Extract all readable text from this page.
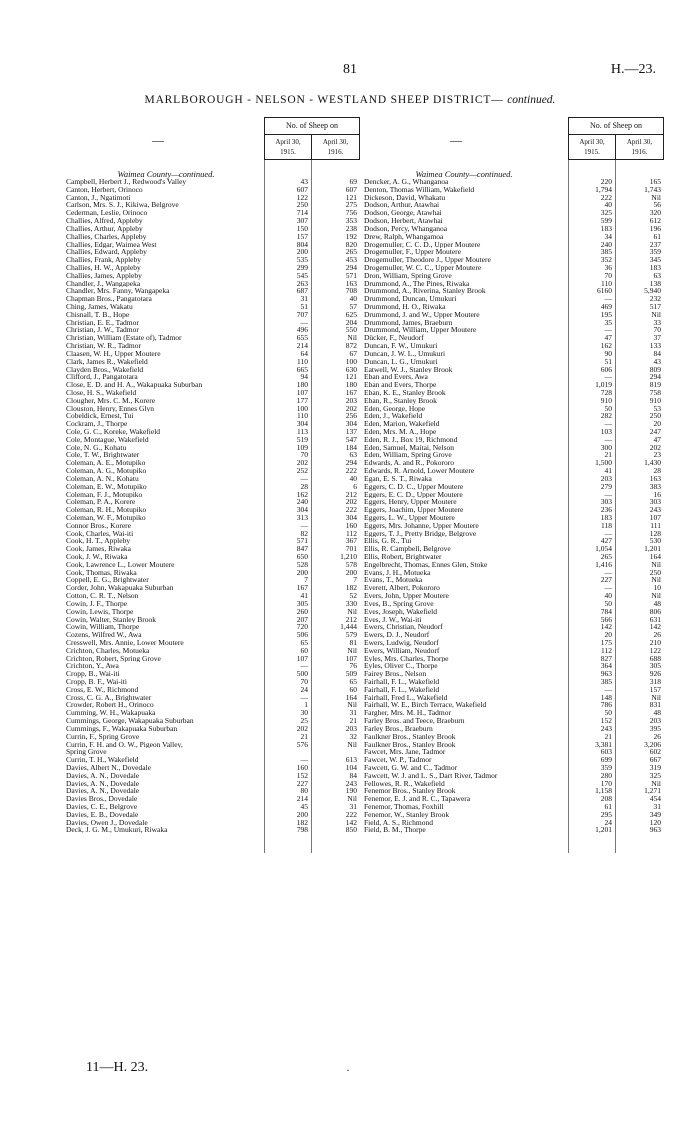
81	H.—23.
MARLBOROUGH - NELSON - WESTLAND SHEEP DISTRICT— continued.
—
No. of Sheep on
April 30,
1915.
April 30,
1916.
Waimea County—continued.
Campbell, Herbert J., Redwood's Valley	43	69
Canton, Herbert, Orinoco	607	607
Canton, J., Ngatimoti	122	121
Carlson, Mrs. S. J., Kikiwa, Belgrove	250	275
Cederman, Leslie, Orinoco	714	756
Challies, Alfred, Appleby	307	353
Challies, Arthur, Appleby	150	238
Challies, Charles, Appleby	157	192
Challies, Edgar, Waimea West	804	820
Challies, Edward, Appleby	200	265
Challies, Frank, Appleby	535	453
Challies, H. W., Appleby	299	294
Challies, James, Appleby	545	571
Chandler, J., Wangapeka	263	163
Chandler, Mrs. Fanny, Wangapeka	687	708
Chapman Bros., Pangatotara	31	40
Ching, James, Wakatu	51	57
Chisnall, T. B., Hope	707	625
Christian, E. E., Tadmor	—	204
Christian, J. W., Tadmor	496	550
Christian, William (Estate of), Tadmor	655	Nil
Christian, W. R., Tadmor	214	872
Claasen, W. H., Upper Moutere	64	67
Clark, James R., Wakefield	110	100
Clayden Bros., Wakefield	665	630
Clifford, J., Pangatotara	94	121
Close, E. D. and H. A., Wakapuaka Suburban	180	180
Close, H. S., Wakefield	107	167
Clougher, Mrs. C. M., Korere	177	203
Clouston, Henry, Ennes Glyn	100	202
Cobeldick, Ernest, Tui	110	256
Cockram, J., Thorpe	304	304
Cole, G. C., Koreke, Wakefield	113	137
Cole, Montague, Wakefield	519	547
Cole, N. G., Kohatu	109	184
Cole, T. W., Brightwater	70	63
Coleman, A. E., Motupiko	202	294
Coleman, A. G., Motupiko	252	222
Coleman, A. N., Kohatu	—	40
Coleman, E. W., Motupiko	28	6
Coleman, F. J., Motupiko	162	212
Coleman, P. A., Korere	240	202
Coleman, R. H., Motupiko	304	222
Coleman, W. F., Motupiko	313	304
Connor Bros., Korere	—	160
Cook, Charles, Wai-iti	82	112
Cook, H. T., Appleby	571	367
Cook, James, Riwaka	847	701
Cook, J. W., Riwaka	650	1,210
Cook, Lawrence L., Lower Moutere	528	578
Cook, Thomas, Riwaka	200	200
Coppell, E. G., Brightwater	7	7
Corder, John, Wakapuaka Suburban	167	182
Cotton, C. R. T., Nelson	41	52
Cowin, J. F., Thorpe	305	330
Cowin, Lewis, Thorpe	260	Nil
Cowin, Walter, Stanley Brook	207	212
Cowin, William, Thorpe	720	1,444
Cozens, Wilfred W., Awa	506	579
Cresswell, Mrs. Annie, Lower Moutere	65	81
Crichton, Charles, Motueka	60	Nil
Crichton, Robert, Spring Grove	107	107
Crichton, Y., Awa	—	76
Cropp, B., Wai-iti	500	509
Cropp, B. F., Wai-iti	70	65
Cross, E. W., Richmond	24	60
Cross, C. G. A., Brightwater	—	164
Crowder, Robert H., Orinoco	1	Nil
Cumming, W. H., Wakapuaka	30	31
Cummings, George, Wakapuaka Suburban	25	21
Cummings, F., Wakapuaka Suburban	202	203
Currin, F., Spring Grove	21	32
Currin, F. H. and O. W., Pigeon Valley,	576	Nil
Spring Grove
Currin, T. H., Wakefield	—	613
Davies, Albert N., Dovedale	160	104
Davies, A. N., Dovedale	152	84
Davies, A. N., Dovedale	227	243
Davies, A. N., Dovedale	80	190
Davies Bros., Dovedale	214	Nil
Davies, C. E., Belgrove	45	31
Davies, E. B., Dovedale	200	222
Davies, Owen J., Dovedale	182	142
Deck, J. G. M., Umukuri, Riwaka	798	850
—
No. of Sheep on
April 30,
1915.
April 30,
1916.
Waimea County—continued.
Dencker, A. G., Whanganoa	220	165
Denton, Thomas William, Wakefield	1,794	1,743
Dickeson, David, Whakatu	222	Nil
Dodson, Arthur, Atawhai	40	56
Dodson, George, Atawhai	325	320
Dodson, Herbert, Atawhai	599	612
Dodson, Percy, Whanganoa	183	196
Drew, Ralph, Whangamoa	34	61
Drogemuller, C. C. D., Upper Moutere	240	237
Drogemuller, F., Upper Moutere	385	359
Drogemuller, Theodore J., Upper Moutere	352	345
Drogemuller, W. C. C., Upper Moutere	36	183
Dron, William, Spring Grove	70	63
Drummond, A., The Pines, Riwaka	110	138
Drummond, A., Riverina, Stanley Brook	6160	5,940
Drummond, Duncan, Umukuri	—	232
Drummond, H. O., Riwaka	469	517
Drummond, J. and W., Upper Moutere	195	Nil
Drummond, James, Braeburn	35	33
Drummond, William, Upper Moutere	—	70
Dücker, F., Neudorf	47	37
Duncan, F. W., Umukuri	162	133
Duncan, J. W. L., Umukuri	90	84
Duncan, L. G., Umukuri	51	43
Eatwell, W. J., Stanley Brook	606	809
Eban and Evers, Awa	—	294
Eban and Evers, Thorpe	1,019	819
Eban, K. E., Stanley Brook	728	758
Eban, R., Stanley Brook	910	910
Eden, George, Hope	50	53
Eden, J., Wakefield	282	250
Eden, Marion, Wakefield	—	20
Eden, Mrs. M. A., Hope	103	247
Eden, R. J., Box 19, Richmond	—	47
Eden, Samuel, Maitai, Nelson	300	202
Eden, William, Spring Grove	21	23
Edwards, A. and R., Pokororo	1,500	1,430
Edwards, R. Arnold, Lower Moutere	41	28
Egan, E. S. T., Riwaka	203	163
Eggers, C. D. C., Upper Moutere	279	383
Eggers, E. C. D., Upper Moutere	—	16
Eggers, Henry, Upper Moutere	303	303
Eggers, Joachim, Upper Moutere	236	243
Eggers, L. W., Upper Moutere	183	107
Eggers, Mrs. Johanne, Upper Moutere	118	111
Eggers, T. J., Pretty Bridge, Belgrove	—	128
Ellis, G. R., Tui	427	530
Ellis, R. Campbell, Belgrove	1,054	1,201
Ellis, Robert, Brightwater	265	164
Engelbrecht, Thomas, Ennes Glen, Stoke	1,416	Nil
Evans, J. H., Motueka	—	250
Evans, T., Motueka	227	Nil
Everett, Albert, Pokororo	—	10
Evers, John, Upper Moutere	40	Nil
Eves, B., Spring Grove	50	48
Eves, Joseph, Wakefield	784	806
Eves, J. W., Wai-iti	566	631
Ewers, Christian, Neudorf	142	142
Ewers, D. J., Neudorf	20	26
Ewers, Ludwig, Neudorf	175	210
Ewers, William, Neudorf	112	122
Eyles, Mrs. Charles, Thorpe	827	688
Eyles, Oliver C., Thorpe	364	305
Fairey Bros., Nelson	963	926
Fairhall, F. L., Wakefield	385	318
Fairhall, F. L., Wakefield	—	157
Fairhall, Fred L., Wakefield	148	Nil
Fairhall, W. E., Birch Terrace, Wakefield	786	831
Fargher, Mrs. M. H., Tadmor	50	48
Farley Bros. and Teece, Braeburn	152	203
Farley Bros., Braeburn	243	395
Faulkner Bros., Stanley Brook	21	26
Faulkner Bros., Stanley Brook	3,381	3,206
Fawcet, Mrs. Jane, Tadmor	603	602
Fawcet, W. P., Tadmor	699	667
Fawcett, G. W. and C., Tadmor	359	319
Fawcett, W. J. and L. S., Dart River, Tadmor	280	325
Fellowes, R. R., Wakefield	170	Nil
Fenemor Bros., Stanley Brook	1,158	1,271
Fenemor, E. J. and R. C., Tapawera	208	454
Fenemor, Thomas, Foxhill	61	31
Fenemor, W., Stanley Brook	295	349
Field, A. S., Richmond	24	120
Field, B. M., Thorpe	1,201	963
11—H. 23.	·
